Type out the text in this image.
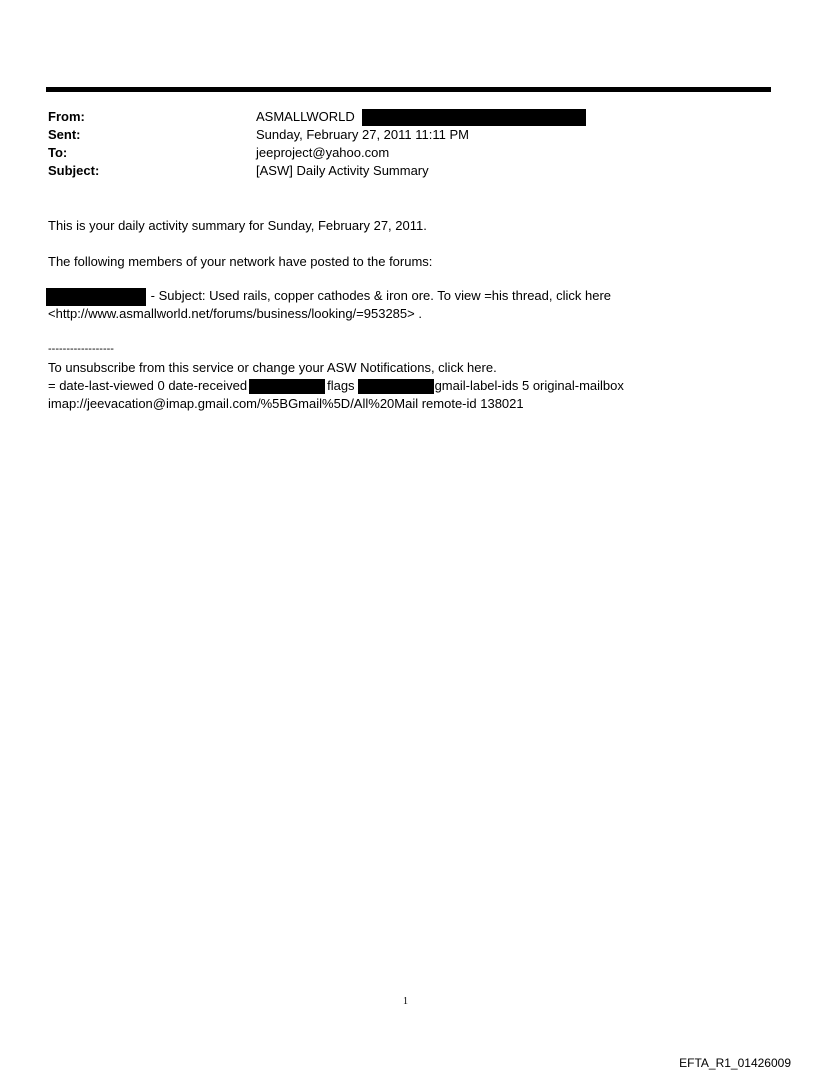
From:	ASMALLWORLD
Sent:	Sunday, February 27, 2011 11:11 PM
To:	jeeproject@yahoo.com
Subject:	[ASW] Daily Activity Summary
This is your daily activity summary for Sunday, February 27, 2011.
The following members of your network have posted to the forums:
- Subject: Used rails, copper cathodes & iron ore. To view =his thread, click here
<http://www.asmallworld.net/forums/business/looking/=953285> .
------------------
To unsubscribe from this service or change your ASW Notifications, click here.
= date-last-viewed 0 date-received	flags	gmail-label-ids 5 original-mailbox
imap://jeevacation@imap.gmail.com/%5BGmail%5D/All%20Mail remote-id 138021
1
EFTA_R1_01426009
